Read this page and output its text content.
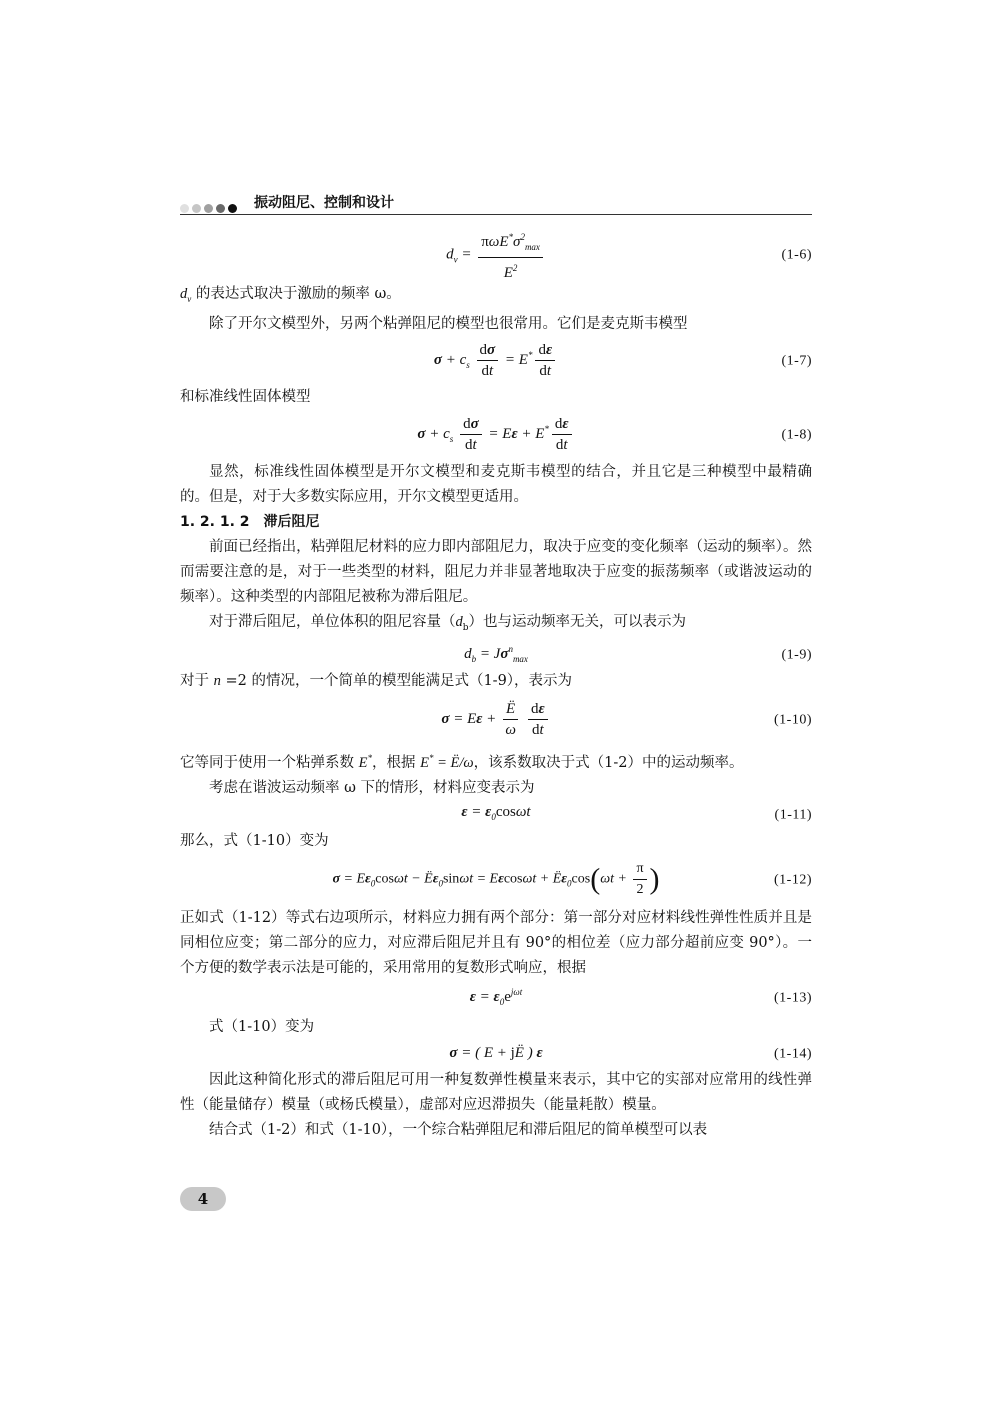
振动阻尼、控制和设计
$d_v = \frac{\pi\omega E^*\sigma^2_{max}}{E^2}$	(1-6)

$d_v$ 的表达式取决于激励的频率 ω。

除了开尔文模型外，另两个粘弹阻尼的模型也很常用。它们是麦克斯韦模型

$\sigma + c_s \frac{d\sigma}{dt} = E^* \frac{d\varepsilon}{dt}$	(1-7)

和标准线性固体模型

$\sigma + c_s \frac{d\sigma}{dt} = E\varepsilon + E^* \frac{d\varepsilon}{dt}$	(1-8)

显然，标准线性固体模型是开尔文模型和麦克斯韦模型的结合，并且它是三种模型中最精确的。但是，对于大多数实际应用，开尔文模型更适用。

1. 2. 1. 2　滞后阻尼

前面已经指出，粘弹阻尼材料的应力即内部阻尼力，取决于应变的变化频率（运动的频率）。然而需要注意的是，对于一些类型的材料，阻尼力并非显著地取决于应变的振荡频率（或谐波运动的频率）。这种类型的内部阻尼被称为滞后阻尼。

对于滞后阻尼，单位体积的阻尼容量$(d_b)$也与运动频率无关，可以表示为

$d_b = J\sigma^n_{max}$	(1-9)

对于 n =2 的情况，一个简单的模型能满足式（1-9），表示为

$\sigma = E\varepsilon + \frac{Ë}{\omega}$
$\frac{d\varepsilon}{dt}$	(1-10)

它等同于使用一个粘弹系数 E*，根据 E* = Ë/ω，该系数取决于式（1-2）中的运动频率。

考虑在谐波运动频率 ω 下的情形，材料应变表示为

$\varepsilon = \varepsilon_0\cos\omega t$	(1-11)

那么，式（1-10）变为

$\sigma = E\varepsilon_0\cos\omega t$ − $Ë\varepsilon_0\sin\omega t = E\varepsilon\cos\omega t$ + $Ë\varepsilon_0\cos(\omega t + \frac{\pi}{2}$ )	(1-12)

正如式（1-12）等式右边项所示，材料应力拥有两个部分：第一部分对应材料线性弹性性质并且是同相位应变；第二部分的应力，对应滞后阻尼并且有 90°的相位差（应力部分超前应变 90°）。一个方便的数学表示法是可能的，采用常用的复数形式响应，根据

$\varepsilon = \varepsilon_0e^{j\omega t}$	(1-13)

式（1-10）变为

σ = ( E + jË ) ε	(1-14)

因此这种简化形式的滞后阻尼可用一种复数弹性模量来表示，其中它的实部对应常用的线性弹性（能量储存）模量（或杨氏模量），虚部对应迟滞损失（能量耗散）模量。

结合式（1-2）和式（1-10），一个综合粘弹阻尼和滞后阻尼的简单模型可以表

4
